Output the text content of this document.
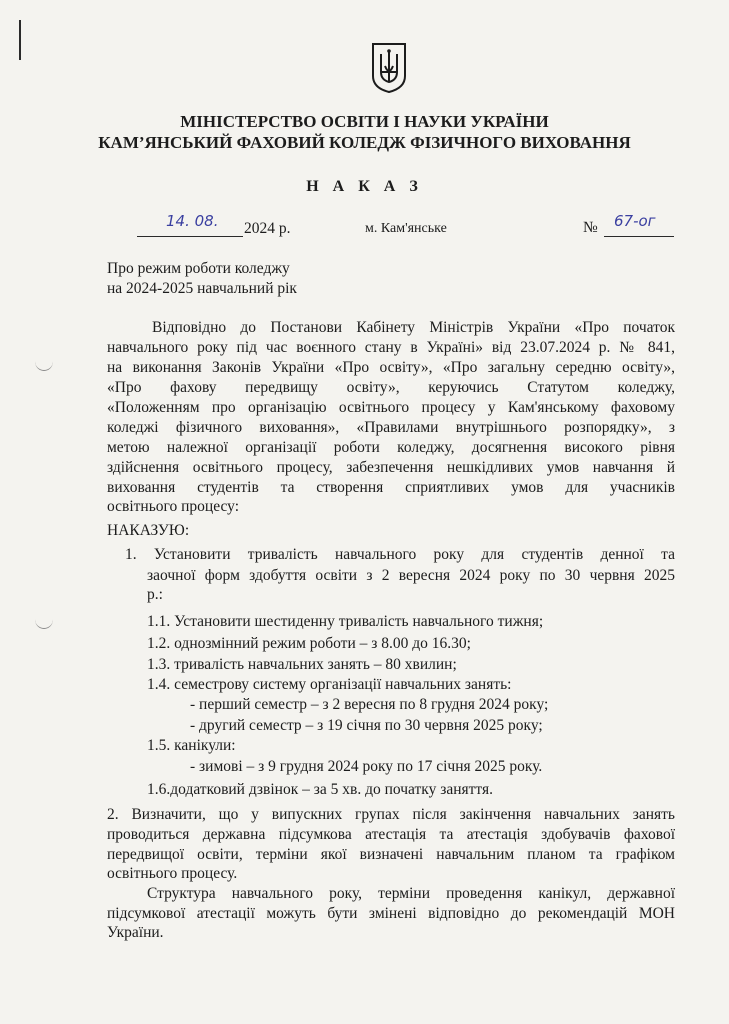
МІНІСТЕРСТВО ОСВІТИ І НАУКИ УКРАЇНИ
КАМ’ЯНСЬКИЙ ФАХОВИЙ КОЛЕДЖ ФІЗИЧНОГО ВИХОВАННЯ
Н А К А З
14. 08. 2024 р.	м. Кам'янське	№ 67-ог
Про режим роботи коледжу
на 2024-2025 навчальний рік
Відповідно до Постанови Кабінету Міністрів України «Про початок
навчального року під час воєнного стану в Україні» від 23.07.2024 р. № 841,
на виконання Законів України «Про освіту», «Про загальну середню освіту»,
«Про фахову передвищу освіту», керуючись Статутом коледжу,
«Положенням про організацію освітнього процесу у Кам'янському фаховому
коледжі фізичного виховання», «Правилами внутрішнього розпорядку», з
метою належної організації роботи коледжу, досягнення високого рівня
здійснення освітнього процесу, забезпечення нешкідливих умов навчання й
виховання студентів та створення сприятливих умов для учасників
освітнього процесу:
НАКАЗУЮ:
1. Установити тривалість навчального року для студентів денної та
заочної форм здобуття освіти з 2 вересня 2024 року по 30 червня 2025
р.:
1.1. Установити шестиденну тривалість навчального тижня;
1.2. однозмінний режим роботи – з 8.00 до 16.30;
1.3. тривалість навчальних занять – 80 хвилин;
1.4. семестрову систему організації навчальних занять:
- перший семестр – з 2 вересня по 8 грудня 2024 року;
- другий семестр – з 19 січня по 30 червня 2025 року;
1.5. канікули:
- зимові – з 9 грудня 2024 року по 17 січня 2025 року.
1.6.додатковий дзвінок – за 5 хв. до початку заняття.
2. Визначити, що у випускних групах після закінчення навчальних занять
проводиться державна підсумкова атестація та атестація здобувачів фахової
передвищої освіти, терміни якої визначені навчальним планом та графіком
освітнього процесу.
Структура навчального року, терміни проведення канікул, державної
підсумкової атестації можуть бути змінені відповідно до рекомендацій МОН
України.
